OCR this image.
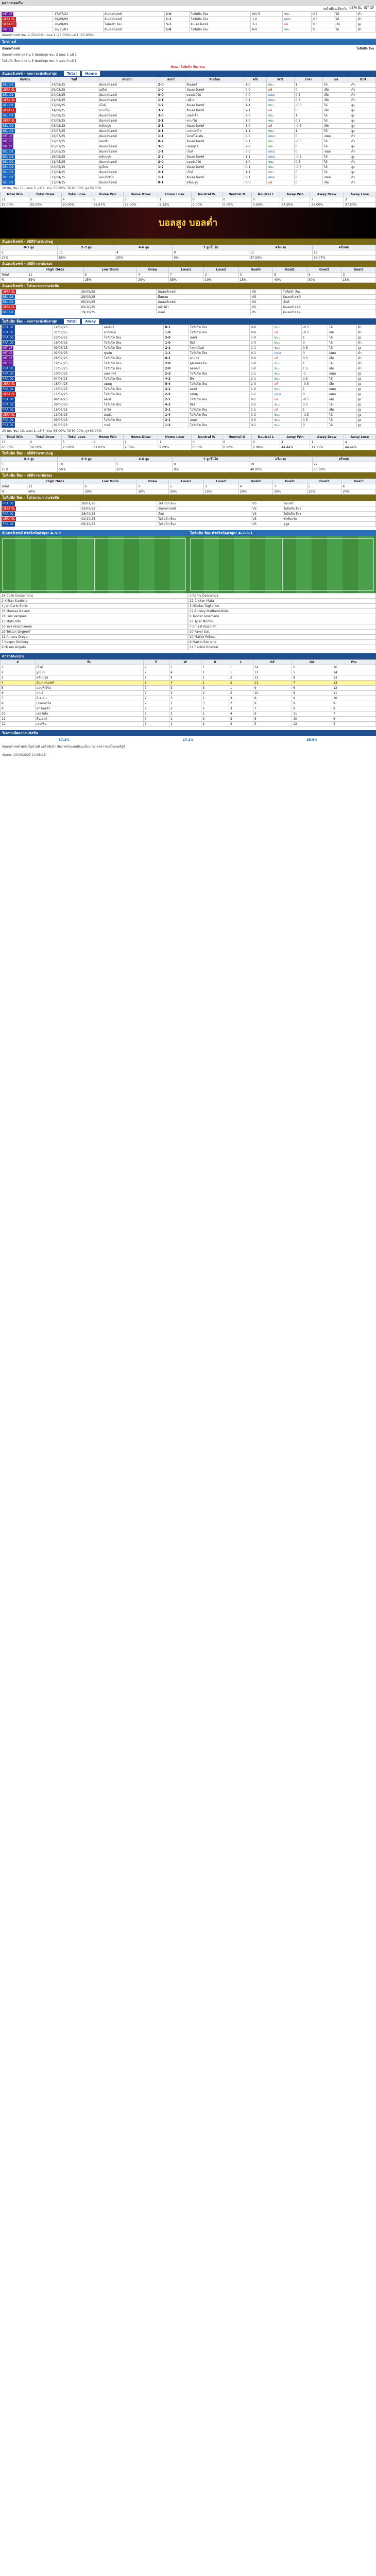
ผลการเจอกัน
เหย้าเยือนเดียวกัน UEFA EL INT CF
INT CF	17/07/22	อันเดอร์เลชท์	1-0	โอลิมปิก ลียง	0/0.5	ชนะ	0.5	ได้	ต่ำ
UEFA EL	29/09/09	อันเดอร์เลชท์	1-1	โอลิมปิก ลียง	1-0	เสมอ	0.5	ได้	ต่ำ
UEFA CL	20/08/09	โอลิมปิก ลียง	5-1	อันเดอร์เลชท์	2-1	แพ้	0.5	เสีย	สูง
INT CF	26/11/03	อันเดอร์เลชท์	1-0	โอลิมปิก ลียง	0-0	ชนะ	0	ได้	ต่ำ
อันเดอร์เลชท์ ชนะ 2 (50.00%) เสมอ 1 (25.00%) แพ้ 1 (25.00%)
วิเคราะห์
อันเดอร์เลชท์	โอลิมปิก ลียง
อันเดอร์เลชท์: ผลงาน 5 นัดหลังสุด ชนะ 3 เสมอ 1 แพ้ 1
โอลิมปิก ลียง: ผลงาน 5 นัดหลังสุด ชนะ 4 เสมอ 0 แพ้ 1
ฟันธง: โอลิมปิก ลียง ชนะ
อันเดอร์เลชท์ - ผลการแข่งขันล่าสุด	Total Home
ลีก/ถ้วย	วันที่	เจ้าบ้าน	สกอร์	ทีมเยือน	ครึ่ง	W/L	ราคา	ผล	O/U
BEL D1	14/09/25	อันเดอร์เลชท์	2-0	ดีนเดอร์	1-0	ชนะ	1	ได้	ต่ำ
UEFA EL	28/08/25	เออีเค	1-0	อันเดอร์เลชท์	0-0	แพ้	0	เสีย	ต่ำ
BEL D1	24/08/25	อันเดอร์เลชท์	0-0	แอนท์เวิร์ป	0-0	เสมอ	0.5	เสีย	ต่ำ
UEFA EL	21/08/25	อันเดอร์เลชท์	1-1	เออีเค	0-1	เสมอ	0.5	เสีย	ต่ำ
BEL D1	17/08/25	เก็งค์	1-2	อันเดอร์เลชท์	1-1	ชนะ	-0.5	ได้	สูง
UEFA EL	14/08/25	ซาเกร็บ	3-2	อันเดอร์เลชท์	2-1	แพ้	0	เสีย	สูง
BEL D1	10/08/25	อันเดอร์เลชท์	3-0	เซอร์เคิ้ล	2-0	ชนะ	1	ได้	สูง
UEFA EL	07/08/25	อันเดอร์เลชท์	2-1	ซาเกร็บ	1-0	ชนะ	0.5	ได้	สูง
BEL D1	03/08/25	คลับบรูช	2-1	อันเดอร์เลชท์	1-0	แพ้	-0.5	เสีย	สูง
BEL D1	27/07/25	อันเดอร์เลชท์	2-1	เวสเตอร์โล	1-1	ชนะ	1	ได้	สูง
INT CF	19/07/25	อันเดอร์เลชท์	1-1	ไอนด์โฮเฟ่น	0-0	เสมอ	0	เสมอ	ต่ำ
INT CF	12/07/25	เลอเฟิน	0-2	อันเดอร์เลชท์	0-1	ชนะ	-0.5	ได้	ต่ำ
INT CF	05/07/25	อันเดอร์เลชท์	3-0	เฟเยนูร์ด	2-0	ชนะ	0	ได้	สูง
BEL D1	25/05/25	อันเดอร์เลชท์	1-1	เก็งค์	0-0	เสมอ	0	เสมอ	ต่ำ
BEL D1	18/05/25	คลับบรูช	2-2	อันเดอร์เลชท์	1-1	เสมอ	-0.5	ได้	สูง
BEL D1	11/05/25	อันเดอร์เลชท์	2-0	แอนท์เวิร์ป	1-0	ชนะ	0.5	ได้	ต่ำ
BEL D1	04/05/25	ยูเนี่ยน	1-2	อันเดอร์เลชท์	0-1	ชนะ	-0.5	ได้	สูง
BEL D1	27/04/25	อันเดอร์เลชท์	2-1	เก็งค์	1-1	ชนะ	0	ได้	สูง
BEL D1	21/04/25	แอนท์เวิร์ป	1-1	อันเดอร์เลชท์	0-1	เสมอ	0	เสมอ	ต่ำ
BEL D1	13/04/25	อันเดอร์เลชท์	0-1	คลับบรูช	0-0	แพ้	0	เสีย	ต่ำ
20 นัด, ชนะ 11, เสมอ 5, แพ้ 4 ,ชนะ 55.00%, ได้ 60.00%, สูง 50.00%
Total Win	Total Draw	Total Lose	Home Win	Home Draw	Home Lose	Neutral W	Neutral D	Neutral L	Away Win	Away Draw	Away Lose
11	5	4	8	3	1	0	0	0	3	2	3
55.00%	25.00%	20.00%	66.67%	25.00%	8.33%	0.00%	0.00%	0.00%	37.50%	25.00%	37.50%
บอลสูง บอลต่ำ
อันเดอร์เลชท์ - สถิติจำนวนประตู
0-1 ลูก	2-3 ลูก	4-6 ลูก	7 ลูกขึ้นไป	ครึ่งแรก	ครึ่งหลัง
5	11	4	0	11	18
25%	55%	20%	0%	37.93%	62.07%
อันเดอร์เลชท์ - สถิติราคาต่อรอง
	High Odds	Low Odds	Draw	Lose1	Lose2	Goal0	Goal1	Goal2	Goal3
Total	11	5	4	7	2	3	8	6	3
%	55%	25%	20%	35%	10%	15%	40%	30%	15%
อันเดอร์เลชท์ - โปรแกรมการแข่งขัน
UEFA EL	25/09/25	อันเดอร์เลชท์	VS	โอลิมปิก ลียง
BEL D1	28/09/25	มีเคเลน	VS	อันเดอร์เลชท์
BEL D1	05/10/25	อันเดอร์เลชท์	VS	เก็งค์
UEFA EL	02/10/25	สปาร์ต้า	VS	อันเดอร์เลชท์
BEL D1	19/10/25	เกนต์	VS	อันเดอร์เลชท์
โอลิมปิก ลียง - ผลการแข่งขันล่าสุด	Total Away
FRA D1	14/09/25	อองเช่ร์	0-1	โอลิมปิก ลียง	0-0	ชนะ	-0.5	ได้	ต่ำ
FRA D1	31/08/25	มาร์กเซย	1-0	โอลิมปิก ลียง	0-0	แพ้	-0.5	เสีย	ต่ำ
FRA D1	23/08/25	โอลิมปิก ลียง	3-0	เมตซ์	1-0	ชนะ	1	ได้	สูง
FRA D1	16/08/25	โอลิมปิก ลียง	1-0	ลีลล์	1-0	ชนะ	0	ได้	ต่ำ
INT CF	09/08/25	โอลิมปิก ลียง	2-1	ไฮเดนไฮม์	1-1	ชนะ	0.5	ได้	สูง
INT CF	02/08/25	ฟูแล่ม	1-1	โอลิมปิก ลียง	0-1	เสมอ	0	เสมอ	ต่ำ
INT CF	26/07/25	โอลิมปิก ลียง	0-1	อาแอร์	0-0	แพ้	0.5	เสีย	ต่ำ
INT CF	19/07/25	โอลิมปิก ลียง	2-0	ดุสเซลดอร์ฟ	1-0	ชนะ	1	ได้	ต่ำ
FRA D1	17/05/25	โอลิมปิก ลียง	2-0	อองเช่ร์	1-0	ชนะ	1.5	เสีย	ต่ำ
FRA D1	10/05/25	เลออาฟร์	2-3	โอลิมปิก ลียง	1-1	ชนะ	-1	เสมอ	สูง
FRA D1	04/05/25	โอลิมปิก ลียง	4-2	นีซ	2-1	ชนะ	0.5	ได้	สูง
UEFA EL	18/04/25	แมนยู	5-4	โอลิมปิก ลียง	2-0	แพ้	-0.5	เสีย	สูง
FRA D1	13/04/25	โอลิมปิก ลียง	2-1	ลองส์	1-0	ชนะ	1	เสมอ	สูง
UEFA EL	11/04/25	โอลิมปิก ลียง	2-2	แมนยู	1-1	เสมอ	0	เสมอ	สูง
FRA D1	06/04/25	ลองส์	2-1	โอลิมปิก ลียง	0-1	แพ้	-0.5	เสีย	สูง
FRA D1	30/03/25	โอลิมปิก ลียง	4-2	ลิลล์	2-2	ชนะ	0.5	ได้	สูง
FRA D1	16/03/25	ปารีส	3-1	โอลิมปิก ลียง	1-1	แพ้	1	เสีย	สูง
UEFA EL	13/03/25	สเตอัว	1-4	โอลิมปิก ลียง	0-2	ชนะ	-1.5	ได้	สูง
FRA D1	09/03/25	โอลิมปิก ลียง	2-1	เลนส์	0-0	ชนะ	0.5	ได้	สูง
FRA D1	01/03/25	เรนส์	1-2	โอลิมปิก ลียง	0-1	ชนะ	0	ได้	สูง
20 นัด, ชนะ 13, เสมอ 2, แพ้ 5 ,ชนะ 65.00%, ได้ 60.00%, สูง 60.00%
Total Win	Total Draw	Total Lose	Home Win	Home Draw	Home Lose	Neutral W	Neutral D	Neutral L	Away Win	Away Draw	Away Lose
13	2	5	9	1	1	0	0	0	4	1	4
65.00%	10.00%	25.00%	81.82%	9.09%	9.09%	0.00%	0.00%	0.00%	44.44%	11.11%	44.44%
โอลิมปิก ลียง - สถิติจำนวนประตู
0-1 ลูก	2-3 ลูก	4-6 ลูก	7 ลูกขึ้นไป	ครึ่งแรก	ครึ่งหลัง
5	10	5	0	18	27
25%	50%	25%	0%	40.00%	60.00%
โอลิมปิก ลียง - สถิติราคาต่อรอง
	High Odds	Low Odds	Draw	Lose1	Lose2	Goal0	Goal1	Goal2	Goal3
Total	12	6	2	5	3	4	7	5	4
%	60%	30%	10%	25%	15%	20%	35%	25%	20%
โอลิมปิก ลียง - โปรแกรมการแข่งขัน
FRA D1	20/09/25	โอลิมปิก ลียง	VS	อองเช่ร์
UEFA EL	25/09/25	อันเดอร์เลชท์	VS	โอลิมปิก ลียง
FRA D1	28/09/25	ลีลล์	VS	โอลิมปิก ลียง
UEFA EL	02/10/25	โอลิมปิก ลียง	VS	ซัลซ์บวร์ก
FRA D1	05/10/25	โอลิมปิก ลียง	VS	ตูลูส
อันเดอร์เลชท์ ตัวจริงนัดล่าสุด: 4-3-3	โอลิมปิก ลียง ตัวจริงนัดล่าสุด: 4-2-3-1
26 Colin Coosemans
2 Killian Sardella
4 Jan-Carlo Simic
33 Moussa Ndiaye
18 Luis Vazquez
23 Mats Rits
10 Yari Verschaeren
29 Tristan Degreef
11 Anders Dreyer
7 Kasper Dolberg
9 Nilson Angulo
1 Remy Descamps
22 Clinton Mata
3 Nicolas Tagliafico
12 Ainsley Maitland-Niles
6 Tanner Tessmann
23 Tyler Morton
7 Ernest Nuamah
10 Pavel Sulc
20 Malick Fofana
9 Martin Satriano
11 Rachid Ghezzal
ตารางคะแนน
#	ทีม	P	W	D	L	GF	GA	Pts
1	เก็งค์	7	5	1	1	14	6	16
2	ยูเนี่ยน	7	4	2	1	12	5	14
3	คลับบรูช	7	4	1	2	13	8	13
4	อันเดอร์เลชท์	7	4	1	2	11	7	13
5	แอนท์เวิร์ป	7	3	3	1	9	6	12
6	เกนต์	7	3	2	2	10	9	11
7	มีเคเลน	7	3	1	3	8	9	10
8	เวสเตอร์โล	7	2	3	2	9	9	9
9	ชาร์เลอรัว	7	2	2	3	7	9	8
10	เซอร์เคิ้ล	7	2	1	4	6	11	7
11	ดีนเดอร์	7	1	3	3	5	10	6
12	เลอเฟิน	7	1	2	4	5	12	5
วิเคราะห์ผลการแข่งขัน
37.2%	27.2%	35.6%
อันเดอร์เลชท์ ฟอร์มในบ้านดี แต่โอลิมปิก ลียง ฟอร์มเกมเยือนแข็งแกร่ง คาดว่าจะเป็นเกมที่สูสี
อัพเดท: 19/09/2025 12:05:18
